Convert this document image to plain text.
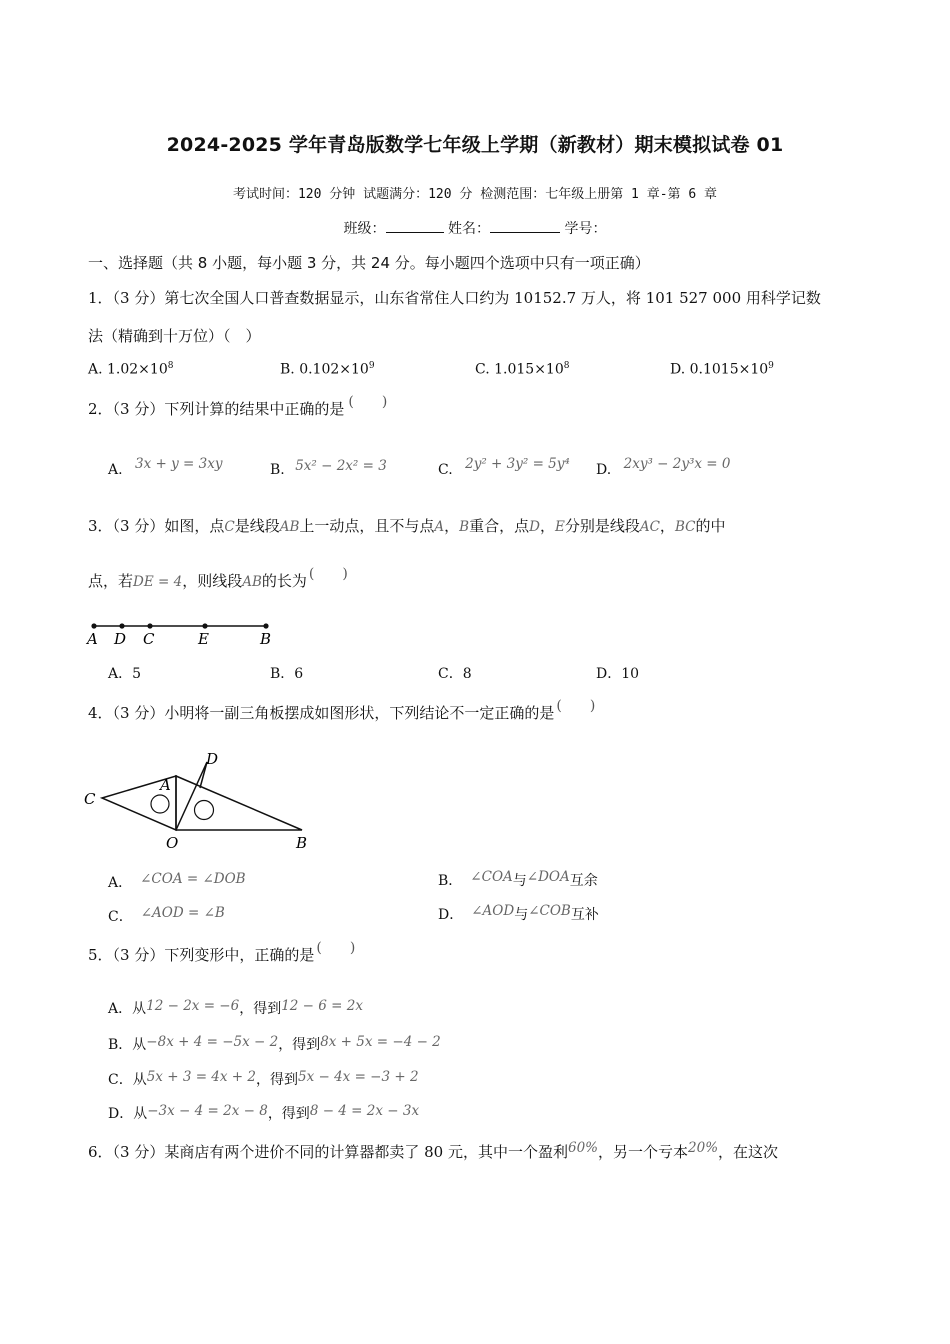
2024-2025 学年青岛版数学七年级上学期（新教材）期末模拟试卷 01
考试时间：120 分钟 试题满分：120 分 检测范围：七年级上册第 1 章-第 6 章
班级：	姓名：	学号：
一、选择题（共 8 小题，每小题 3 分，共 24 分。每小题四个选项中只有一项正确）
1．（3 分）第七次全国人口普查数据显示，山东省常住人口约为 10152.7 万人，将 101 527 000 用科学记数
法（精确到十万位）（　）
A. $1.02\times 10^8$	B. $0.102\times 10^9$	C. $1.015\times 10^8$	D. $0.1015\times 10^9$
2．（3 分）下列计算的结果中正确的是 (　　)
A. 3x + y = 3xy	B. 5x² − 2x² = 3	C. 2y² + 3y² = 5y⁴ D. 2xy³ − 2y³x = 0
3．（3 分）如图，点C是线段AB上一动点，且不与点A，B重合，点D，E分别是线段AC，BC的中
点，若DE = 4，则线段AB的长为 (　　)
A D C	E	B
A．5	B．6	C．8	D．10
4．（3 分）小明将一副三角板摆成如图形状，下列结论不一定正确的是 (　　)
C
A
D
O	B
A． ∠COA = ∠DOB	B． ∠COA与∠DOA互余
C． ∠AOD = ∠B	D． ∠AOD与∠COB互补
5．（3 分）下列变形中，正确的是 (　　)
A．从12 − 2x = −6，得到12 − 6 = 2x
B．从−8x + 4 = −5x − 2，得到8x + 5x = −4 − 2
C．从5x + 3 = 4x + 2，得到5x − 4x = −3 + 2
D．从−3x − 4 = 2x − 8，得到8 − 4 = 2x − 3x
6．（3 分）某商店有两个进价不同的计算器都卖了 80 元，其中一个盈利60%，另一个亏本20%，在这次
